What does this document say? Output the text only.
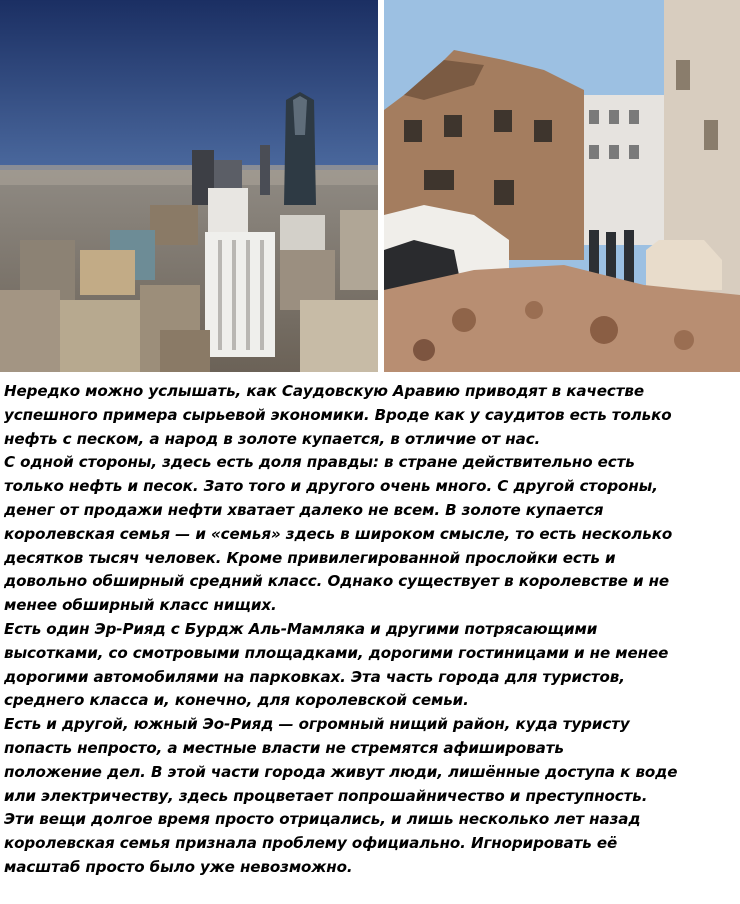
Нередко можно услышать, как Саудовскую Аравию приводят в качестве
успешного примера сырьевой экономики. Вроде как у саудитов есть только
нефть с песком, а народ в золоте купается, в отличие от нас.

С одной стороны, здесь есть доля правды: в стране действительно есть
только нефть и песок. Зато того и другого очень много. С другой стороны,
денег от продажи нефти хватает далеко не всем. В золоте купается
королевская семья — и «семья» здесь в широком смысле, то есть несколько
десятков тысяч человек. Кроме привилегированной прослойки есть и
довольно обширный средний класс. Однако существует в королевстве и не
менее обширный класс нищих.

Есть один Эр-Рияд с Бурдж Аль-Мамляка и другими потрясающими
высотками, со смотровыми площадками, дорогими гостиницами и не менее
дорогими автомобилями на парковках. Эта часть города для туристов,
среднего класса и, конечно, для королевской семьи.

Есть и другой, южный Эо-Рияд — огромный нищий район, куда туристу
попасть непросто, а местные власти не стремятся афишировать
положение дел. В этой части города живут люди, лишённые доступа к воде
или электричеству, здесь процветает попрошайничество и преступность.
Эти вещи долгое время просто отрицались, и лишь несколько лет назад
королевская семья признала проблему официально. Игнорировать её
масштаб просто было уже невозможно.
